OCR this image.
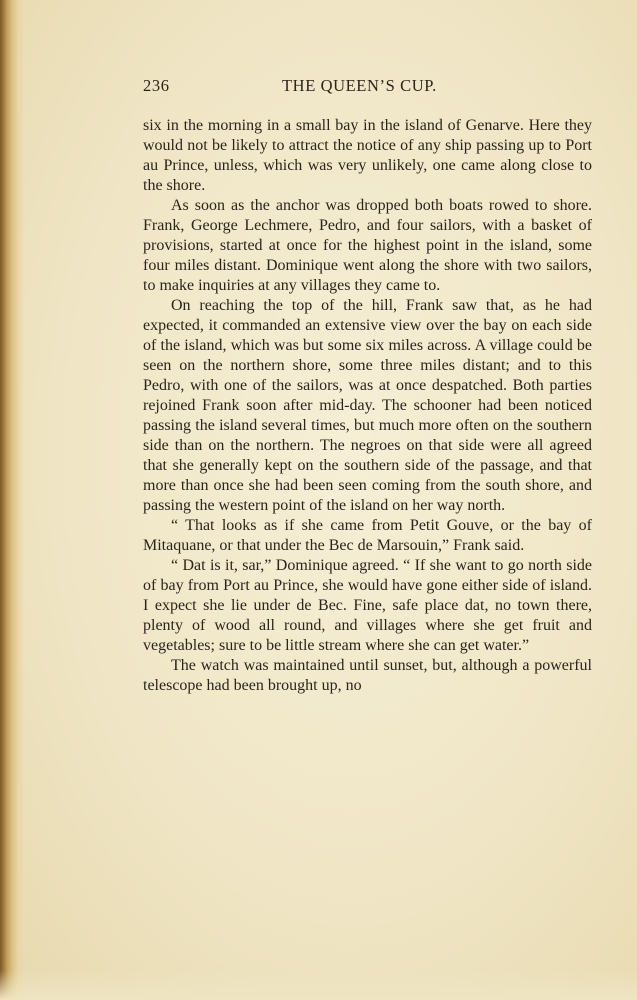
236	THE QUEEN’S CUP.

six in the morning in a small bay in the island of Genarve. Here they would not be likely to attract the notice of any ship passing up to Port au Prince, unless, which was very unlikely, one came along close to the shore.

As soon as the anchor was dropped both boats rowed to shore. Frank, George Lechmere, Pedro, and four sailors, with a basket of provisions, started at once for the highest point in the island, some four miles distant. Dominique went along the shore with two sailors, to make inquiries at any villages they came to.

On reaching the top of the hill, Frank saw that, as he had expected, it commanded an extensive view over the bay on each side of the island, which was but some six miles across. A village could be seen on the northern shore, some three miles distant; and to this Pedro, with one of the sailors, was at once despatched. Both parties rejoined Frank soon after mid-day. The schooner had been noticed passing the island several times, but much more often on the southern side than on the northern. The negroes on that side were all agreed that she generally kept on the southern side of the passage, and that more than once she had been seen coming from the south shore, and passing the western point of the island on her way north.

“ That looks as if she came from Petit Gouve, or the bay of Mitaquane, or that under the Bec de Marsouin,” Frank said.

“ Dat is it, sar,” Dominique agreed. “ If she want to go north side of bay from Port au Prince, she would have gone either side of island. I expect she lie under de Bec. Fine, safe place dat, no town there, plenty of wood all round, and villages where she get fruit and vegetables; sure to be little stream where she can get water.”

The watch was maintained until sunset, but, although a powerful telescope had been brought up, no
